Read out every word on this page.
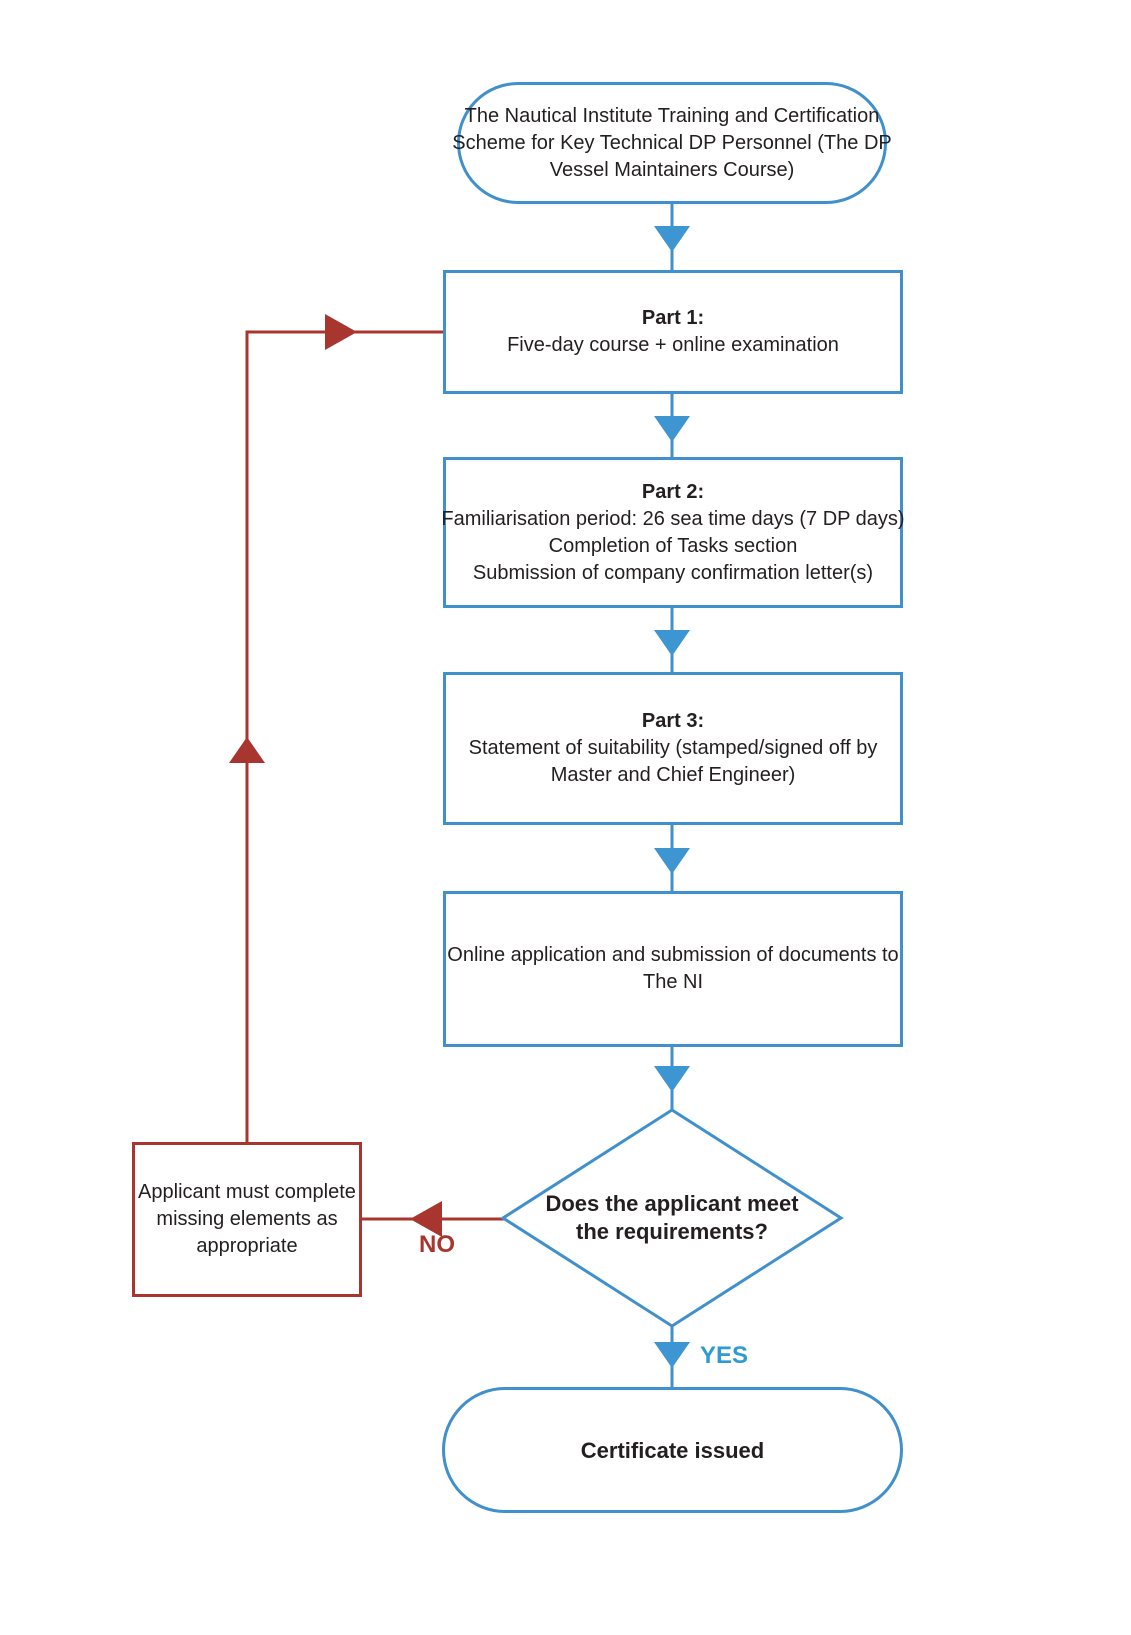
The Nautical Institute Training and Certification
Scheme for Key Technical DP Personnel (The DP
Vessel Maintainers Course)
Part 1:
Five-day course + online examination
Part 2:
Familiarisation period: 26 sea time days (7 DP days)
Completion of Tasks section
Submission of company confirmation letter(s)
Part 3:
Statement of suitability (stamped/signed off by
Master and Chief Engineer)
Online application and submission of documents to
The NI
Does the applicant meet
the requirements?
Applicant must complete
missing elements as
appropriate
Certificate issued
YES
NO
